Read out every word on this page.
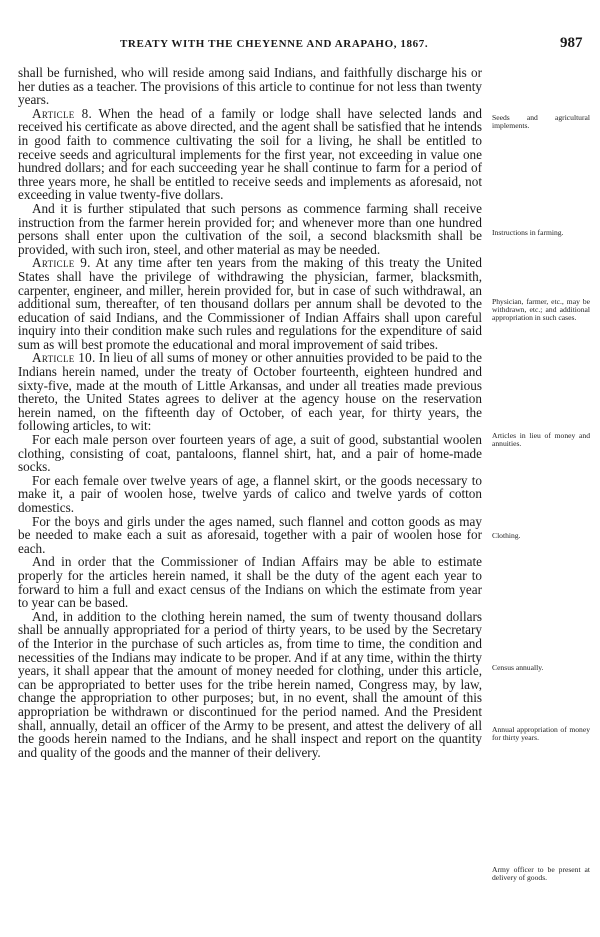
TREATY WITH THE CHEYENNE AND ARAPAHO, 1867.	987

shall be furnished, who will reside among said Indians, and faithfully discharge his or her duties as a teacher. The provisions of this article to continue for not less than twenty years.

Article 8. When the head of a family or lodge shall have selected lands and received his certificate as above directed, and the agent shall be satisfied that he intends in good faith to commence cultivating the soil for a living, he shall be entitled to receive seeds and agricultural implements for the first year, not exceeding in value one hundred dollars; and for each succeeding year he shall continue to farm for a period of three years more, he shall be entitled to receive seeds and implements as aforesaid, not exceeding in value twenty-five dollars.

And it is further stipulated that such persons as commence farming shall receive instruction from the farmer herein provided for; and whenever more than one hundred persons shall enter upon the cultivation of the soil, a second blacksmith shall be provided, with such iron, steel, and other material as may be needed.

Article 9. At any time after ten years from the making of this treaty the United States shall have the privilege of withdrawing the physician, farmer, blacksmith, carpenter, engineer, and miller, herein provided for, but in case of such withdrawal, an additional sum, thereafter, of ten thousand dollars per annum shall be devoted to the education of said Indians, and the Commissioner of Indian Affairs shall upon careful inquiry into their condition make such rules and regulations for the expenditure of said sum as will best promote the educational and moral improvement of said tribes.

Article 10. In lieu of all sums of money or other annuities provided to be paid to the Indians herein named, under the treaty of October fourteenth, eighteen hundred and sixty-five, made at the mouth of Little Arkansas, and under all treaties made previous thereto, the United States agrees to deliver at the agency house on the reservation herein named, on the fifteenth day of October, of each year, for thirty years, the following articles, to wit:

For each male person over fourteen years of age, a suit of good, substantial woolen clothing, consisting of coat, pantaloons, flannel shirt, hat, and a pair of home-made socks.

For each female over twelve years of age, a flannel skirt, or the goods necessary to make it, a pair of woolen hose, twelve yards of calico and twelve yards of cotton domestics.

For the boys and girls under the ages named, such flannel and cotton goods as may be needed to make each a suit as aforesaid, together with a pair of woolen hose for each.

And in order that the Commissioner of Indian Affairs may be able to estimate properly for the articles herein named, it shall be the duty of the agent each year to forward to him a full and exact census of the Indians on which the estimate from year to year can be based.

And, in addition to the clothing herein named, the sum of twenty thousand dollars shall be annually appropriated for a period of thirty years, to be used by the Secretary of the Interior in the purchase of such articles as, from time to time, the condition and necessities of the Indians may indicate to be proper. And if at any time, within the thirty years, it shall appear that the amount of money needed for clothing, under this article, can be appropriated to better uses for the tribe herein named, Congress may, by law, change the appropriation to other purposes; but, in no event, shall the amount of this appropriation be withdrawn or discontinued for the period named. And the President shall, annually, detail an officer of the Army to be present, and attest the delivery of all the goods herein named to the Indians, and he shall inspect and report on the quantity and quality of the goods and the manner of their delivery.

Seeds and agricultural implements.
Instructions in farming.
Physician, farmer, etc., may be withdrawn, etc.; and additional appropriation in such cases.
Articles in lieu of money and annuities.
Clothing.
Census annually.
Annual appropriation of money for thirty years.
Army officer to be present at delivery of goods.
